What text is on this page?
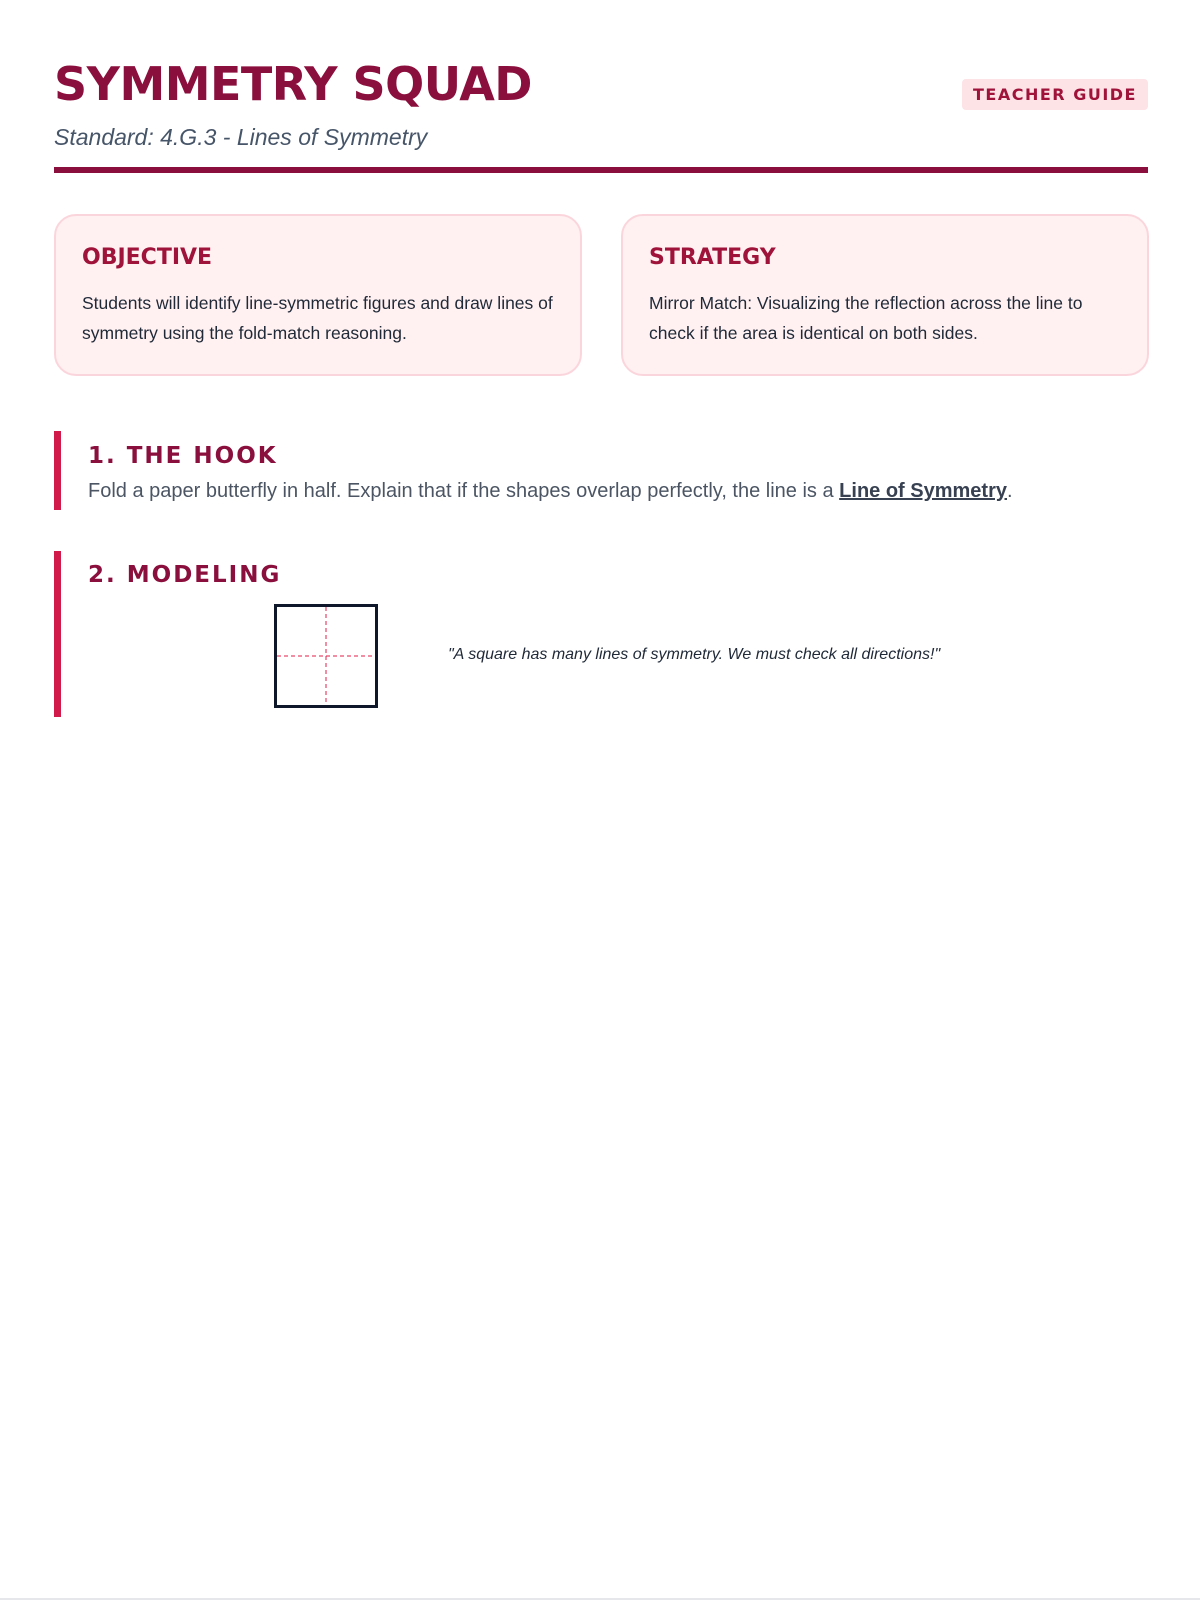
SYMMETRY SQUAD

Standard: 4.G.3 - Lines of Symmetry

TEACHER GUIDE
OBJECTIVE

Students will identify line-symmetric figures and draw lines of symmetry using the fold-match reasoning.

STRATEGY

Mirror Match: Visualizing the reflection across the line to check if the area is identical on both sides.

1. THE HOOK

Fold a paper butterfly in half. Explain that if the shapes overlap perfectly, the line is a Line of Symmetry.

2. MODELING

"A square has many lines of symmetry. We must check all directions!"
